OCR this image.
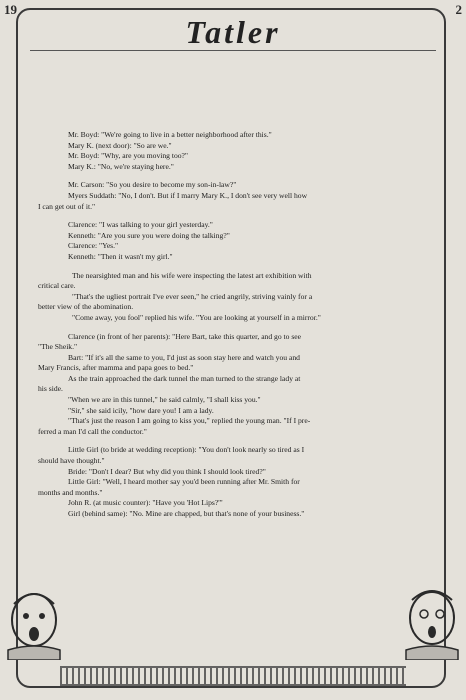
19	2
Tatler
Mr. Boyd: "We're going to live in a better neighborhood after this."
Mary K. (next door): "So are we."
Mr. Boyd: "Why, are you moving too?"
Mary K.: "No, we're staying here."
Mr. Carson: "So you desire to become my son-in-law?"
Myers Suddath: "No, I don't. But if I marry Mary K., I don't see very well how
I can get out of it."
Clarence: "I was talking to your girl yesterday."
Kenneth: "Are you sure you were doing the talking?"
Clarence: "Yes."
Kenneth: "Then it wasn't my girl."
The nearsighted man and his wife were inspecting the latest art exhibition with
critical care.
"That's the ugliest portrait I've ever seen," he cried angrily, striving vainly for a
better view of the abomination.
"Come away, you fool" replied his wife. "You are looking at yourself in a mirror."
Clarence (in front of her parents): "Here Bart, take this quarter, and go to see
"The Sheik."
Bart: "If it's all the same to you, I'd just as soon stay here and watch you and
Mary Francis, after mamma and papa goes to bed."
As the train approached the dark tunnel the man turned to the strange lady at
his side.
"When we are in this tunnel," he said calmly, "I shall kiss you."
"Sir," she said icily, "how dare you! I am a lady.
"That's just the reason I am going to kiss you," replied the young man. "If I pre-
ferred a man I'd call the conductor."
Little Girl (to bride at wedding reception): "You don't look nearly so tired as I
should have thought."
Bride: "Don't I dear? But why did you think I should look tired?"
Little Girl: "Well, I heard mother say you'd been running after Mr. Smith for
months and months."
John R. (at music counter): "Have you 'Hot Lips?'"
Girl (behind same): "No. Mine are chapped, but that's none of your business."
